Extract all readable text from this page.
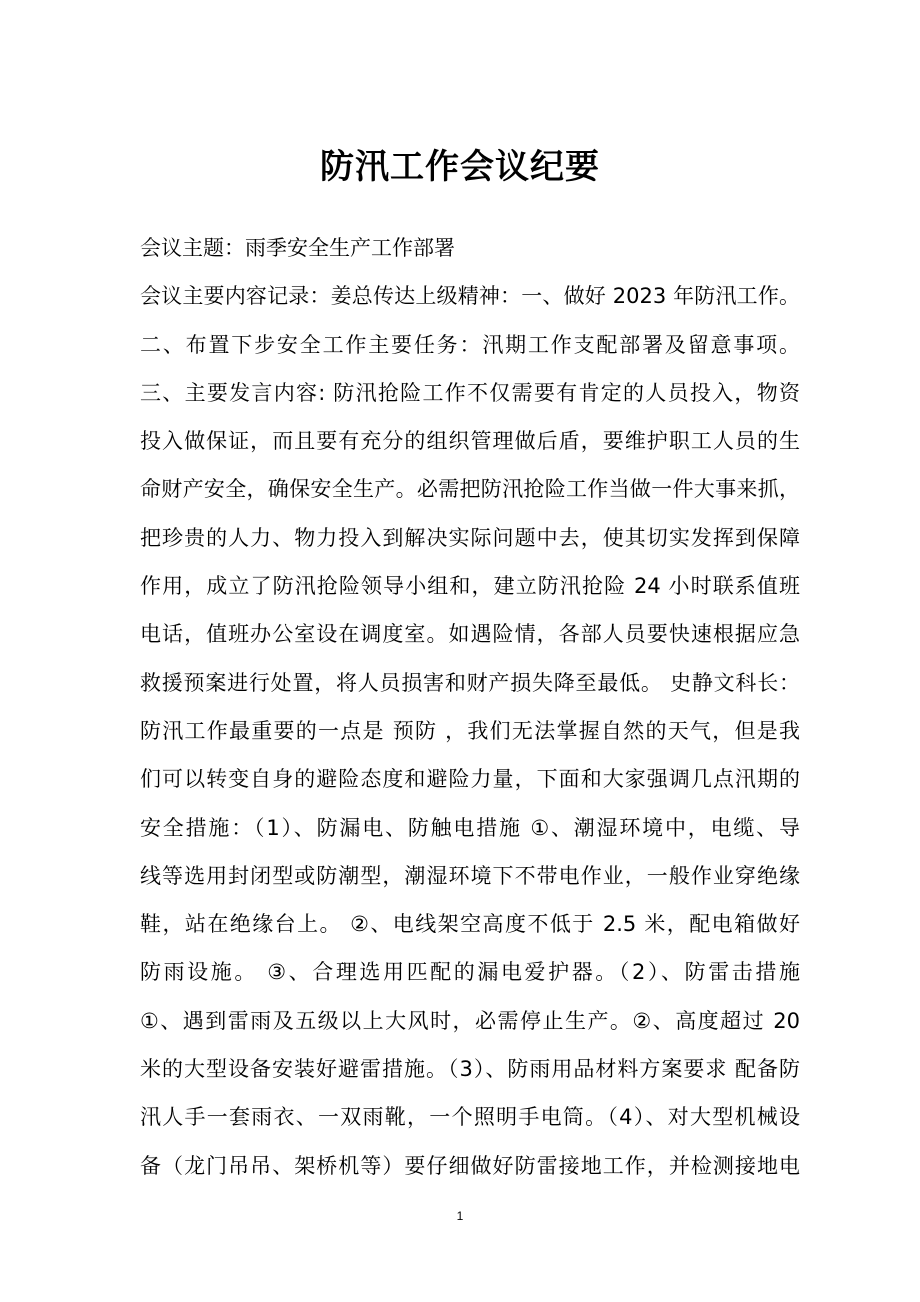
防汛工作会议纪要
会议主题：雨季安全生产工作部署
会议主要内容记录：姜总传达上级精神：一、做好 2023 年防汛工作。
二、布置下步安全工作主要任务：汛期工作支配部署及留意事项。
三、主要发言内容: 防汛抢险工作不仅需要有肯定的人员投入，物资
投入做保证，而且要有充分的组织管理做后盾，要维护职工人员的生
命财产安全，确保安全生产。必需把防汛抢险工作当做一件大事来抓，
把珍贵的人力、物力投入到解决实际问题中去，使其切实发挥到保障
作用，成立了防汛抢险领导小组和，建立防汛抢险 24 小时联系值班
电话，值班办公室设在调度室。如遇险情，各部人员要快速根据应急
救援预案进行处置，将人员损害和财产损失降至最低。 史静文科长：
防汛工作最重要的一点是 预防 ，我们无法掌握自然的天气，但是我
们可以转变自身的避险态度和避险力量，下面和大家强调几点汛期的
安全措施：（1）、防漏电、防触电措施 ①、潮湿环境中，电缆、导
线等选用封闭型或防潮型，潮湿环境下不带电作业，一般作业穿绝缘
鞋，站在绝缘台上。 ②、电线架空高度不低于 2.5 米，配电箱做好
防雨设施。 ③、合理选用匹配的漏电爱护器。（2）、防雷击措施
①、遇到雷雨及五级以上大风时，必需停止生产。②、高度超过 20
米的大型设备安装好避雷措施。（3）、防雨用品材料方案要求 配备防
汛人手一套雨衣、一双雨靴，一个照明手电筒。（4）、对大型机械设
备（龙门吊吊、架桥机等）要仔细做好防雷接地工作，并检测接地电
1
